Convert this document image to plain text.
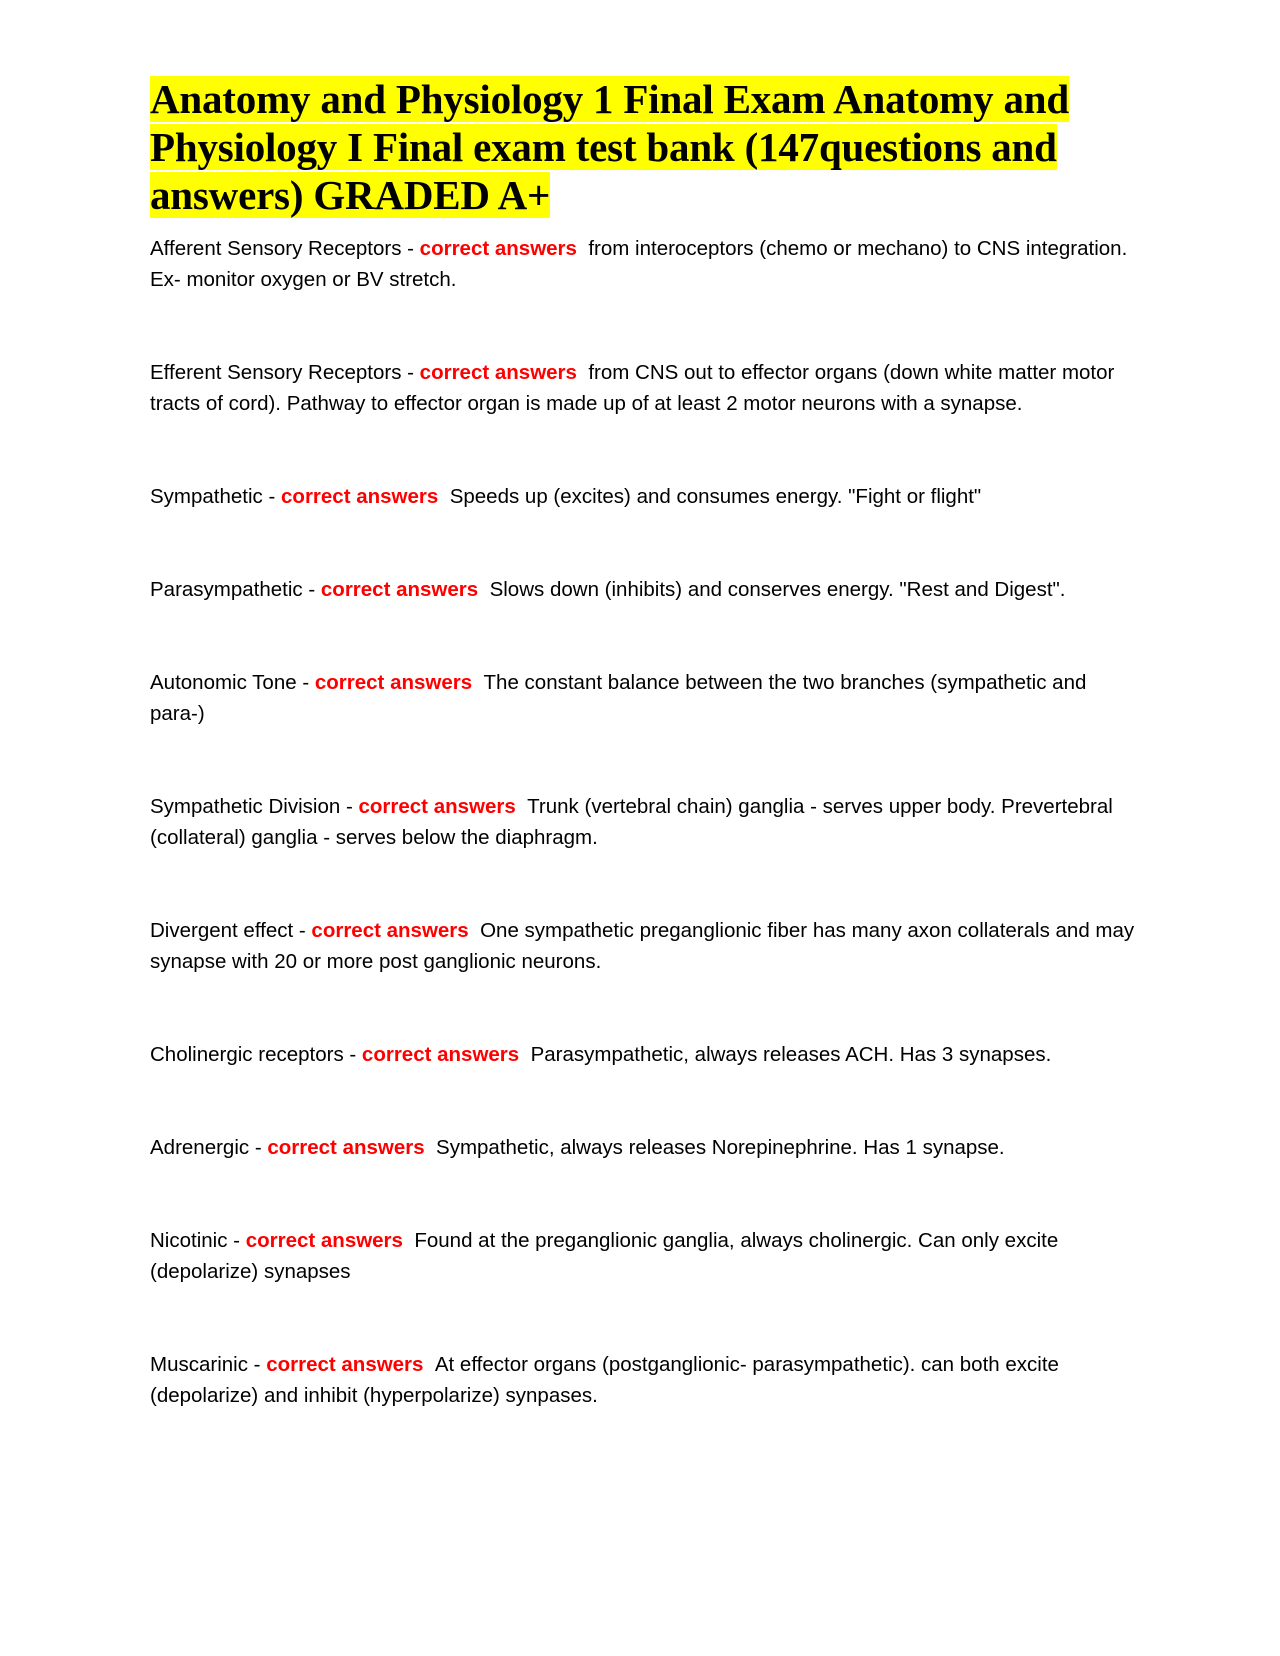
Anatomy and Physiology 1 Final Exam Anatomy and Physiology I Final exam test bank (147questions and answers) GRADED A+
Afferent Sensory Receptors - correct answers from interoceptors (chemo or mechano) to CNS integration. Ex- monitor oxygen or BV stretch.
Efferent Sensory Receptors - correct answers from CNS out to effector organs (down white matter motor tracts of cord). Pathway to effector organ is made up of at least 2 motor neurons with a synapse.
Sympathetic - correct answers Speeds up (excites) and consumes energy. "Fight or flight"
Parasympathetic - correct answers Slows down (inhibits) and conserves energy. "Rest and Digest".
Autonomic Tone - correct answers The constant balance between the two branches (sympathetic and para-)
Sympathetic Division - correct answers Trunk (vertebral chain) ganglia - serves upper body. Prevertebral (collateral) ganglia - serves below the diaphragm.
Divergent effect - correct answers One sympathetic preganglionic fiber has many axon collaterals and may synapse with 20 or more post ganglionic neurons.
Cholinergic receptors - correct answers Parasympathetic, always releases ACH. Has 3 synapses.
Adrenergic - correct answers Sympathetic, always releases Norepinephrine. Has 1 synapse.
Nicotinic - correct answers Found at the preganglionic ganglia, always cholinergic. Can only excite (depolarize) synapses
Muscarinic - correct answers At effector organs (postganglionic- parasympathetic). can both excite (depolarize) and inhibit (hyperpolarize) synpases.
